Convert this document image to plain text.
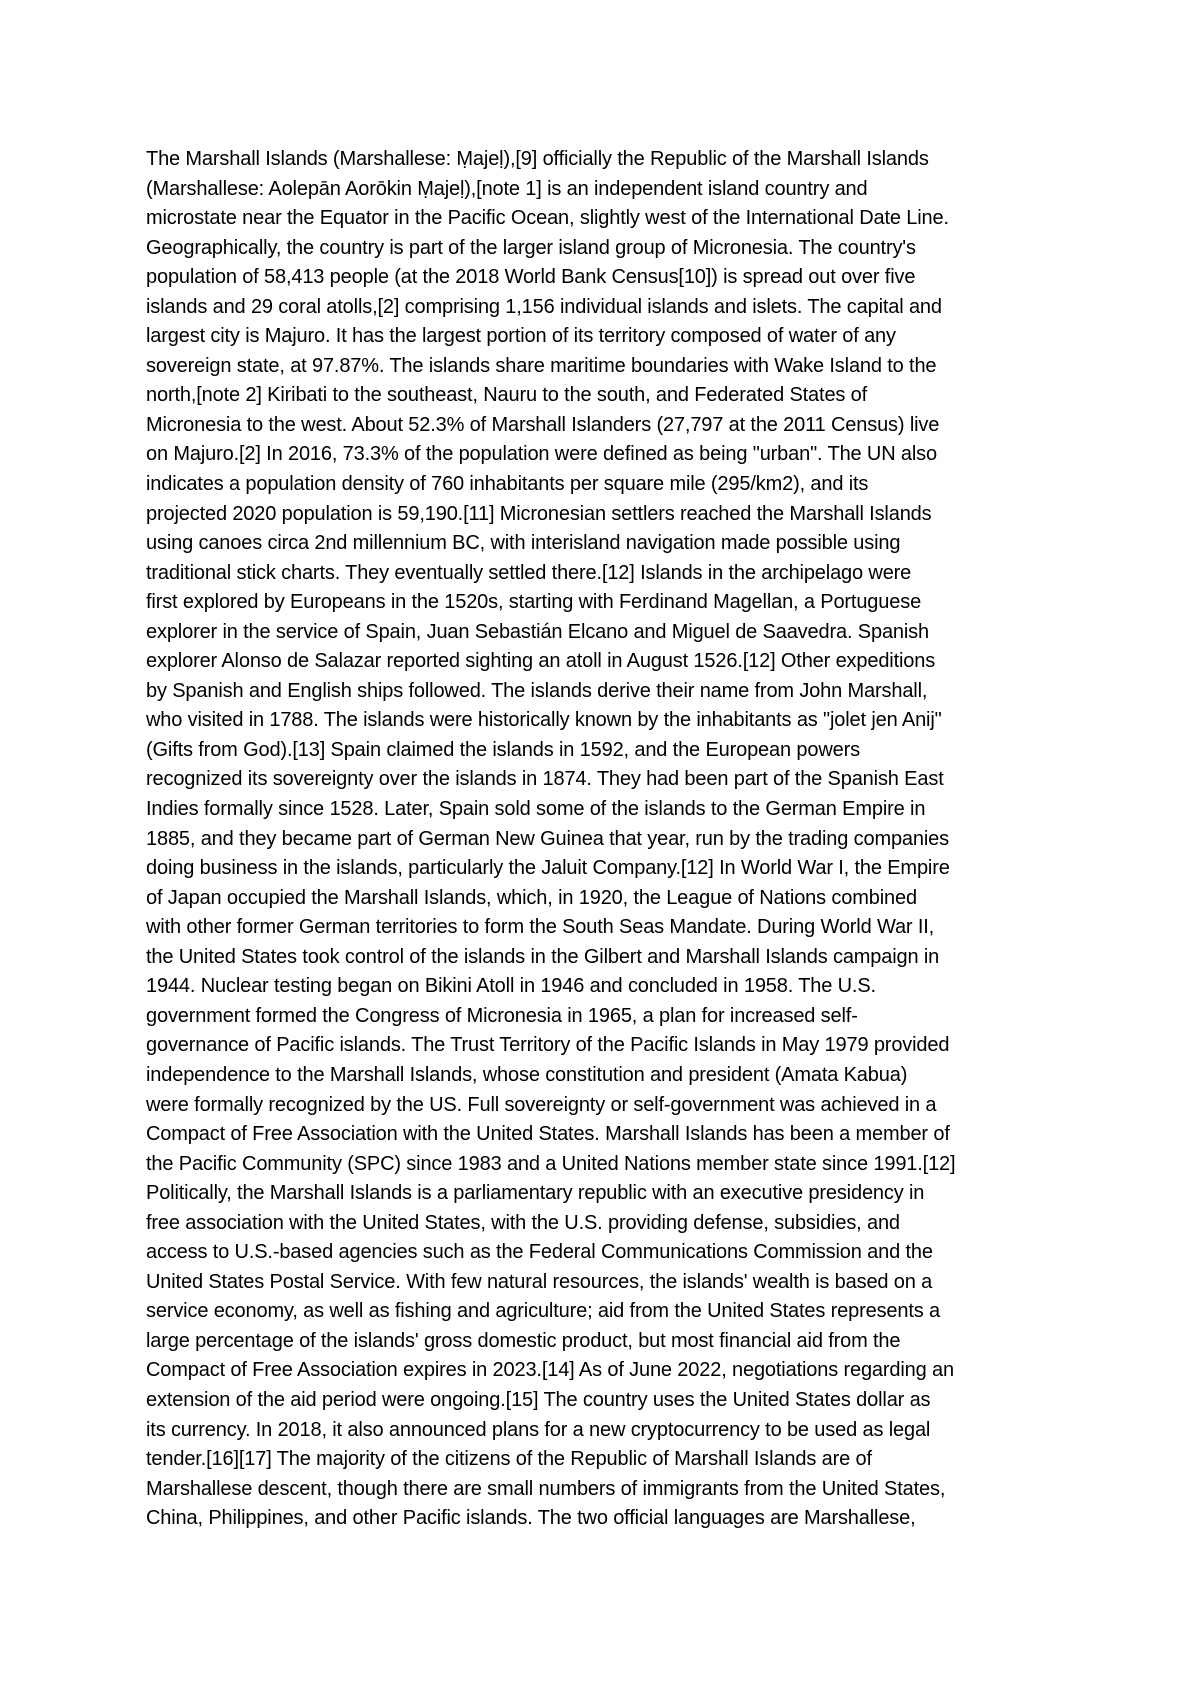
The Marshall Islands (Marshallese: Ṃajeḷ),[9] officially the Republic of the Marshall Islands
(Marshallese: Aolepān Aorōkin Ṃajeḷ),[note 1] is an independent island country and
microstate near the Equator in the Pacific Ocean, slightly west of the International Date Line.
Geographically, the country is part of the larger island group of Micronesia. The country's
population of 58,413 people (at the 2018 World Bank Census[10]) is spread out over five
islands and 29 coral atolls,[2] comprising 1,156 individual islands and islets. The capital and
largest city is Majuro. It has the largest portion of its territory composed of water of any
sovereign state, at 97.87%. The islands share maritime boundaries with Wake Island to the
north,[note 2] Kiribati to the southeast, Nauru to the south, and Federated States of
Micronesia to the west. About 52.3% of Marshall Islanders (27,797 at the 2011 Census) live
on Majuro.[2] In 2016, 73.3% of the population were defined as being "urban". The UN also
indicates a population density of 760 inhabitants per square mile (295/km2), and its
projected 2020 population is 59,190.[11] Micronesian settlers reached the Marshall Islands
using canoes circa 2nd millennium BC, with interisland navigation made possible using
traditional stick charts. They eventually settled there.[12] Islands in the archipelago were
first explored by Europeans in the 1520s, starting with Ferdinand Magellan, a Portuguese
explorer in the service of Spain, Juan Sebastián Elcano and Miguel de Saavedra. Spanish
explorer Alonso de Salazar reported sighting an atoll in August 1526.[12] Other expeditions
by Spanish and English ships followed. The islands derive their name from John Marshall,
who visited in 1788. The islands were historically known by the inhabitants as "jolet jen Anij"
(Gifts from God).[13] Spain claimed the islands in 1592, and the European powers
recognized its sovereignty over the islands in 1874. They had been part of the Spanish East
Indies formally since 1528. Later, Spain sold some of the islands to the German Empire in
1885, and they became part of German New Guinea that year, run by the trading companies
doing business in the islands, particularly the Jaluit Company.[12] In World War I, the Empire
of Japan occupied the Marshall Islands, which, in 1920, the League of Nations combined
with other former German territories to form the South Seas Mandate. During World War II,
the United States took control of the islands in the Gilbert and Marshall Islands campaign in
1944. Nuclear testing began on Bikini Atoll in 1946 and concluded in 1958. The U.S.
government formed the Congress of Micronesia in 1965, a plan for increased self-
governance of Pacific islands. The Trust Territory of the Pacific Islands in May 1979 provided
independence to the Marshall Islands, whose constitution and president (Amata Kabua)
were formally recognized by the US. Full sovereignty or self-government was achieved in a
Compact of Free Association with the United States. Marshall Islands has been a member of
the Pacific Community (SPC) since 1983 and a United Nations member state since 1991.[12]
Politically, the Marshall Islands is a parliamentary republic with an executive presidency in
free association with the United States, with the U.S. providing defense, subsidies, and
access to U.S.-based agencies such as the Federal Communications Commission and the
United States Postal Service. With few natural resources, the islands' wealth is based on a
service economy, as well as fishing and agriculture; aid from the United States represents a
large percentage of the islands' gross domestic product, but most financial aid from the
Compact of Free Association expires in 2023.[14] As of June 2022, negotiations regarding an
extension of the aid period were ongoing.[15] The country uses the United States dollar as
its currency. In 2018, it also announced plans for a new cryptocurrency to be used as legal
tender.[16][17] The majority of the citizens of the Republic of Marshall Islands are of
Marshallese descent, though there are small numbers of immigrants from the United States,
China, Philippines, and other Pacific islands. The two official languages are Marshallese,
